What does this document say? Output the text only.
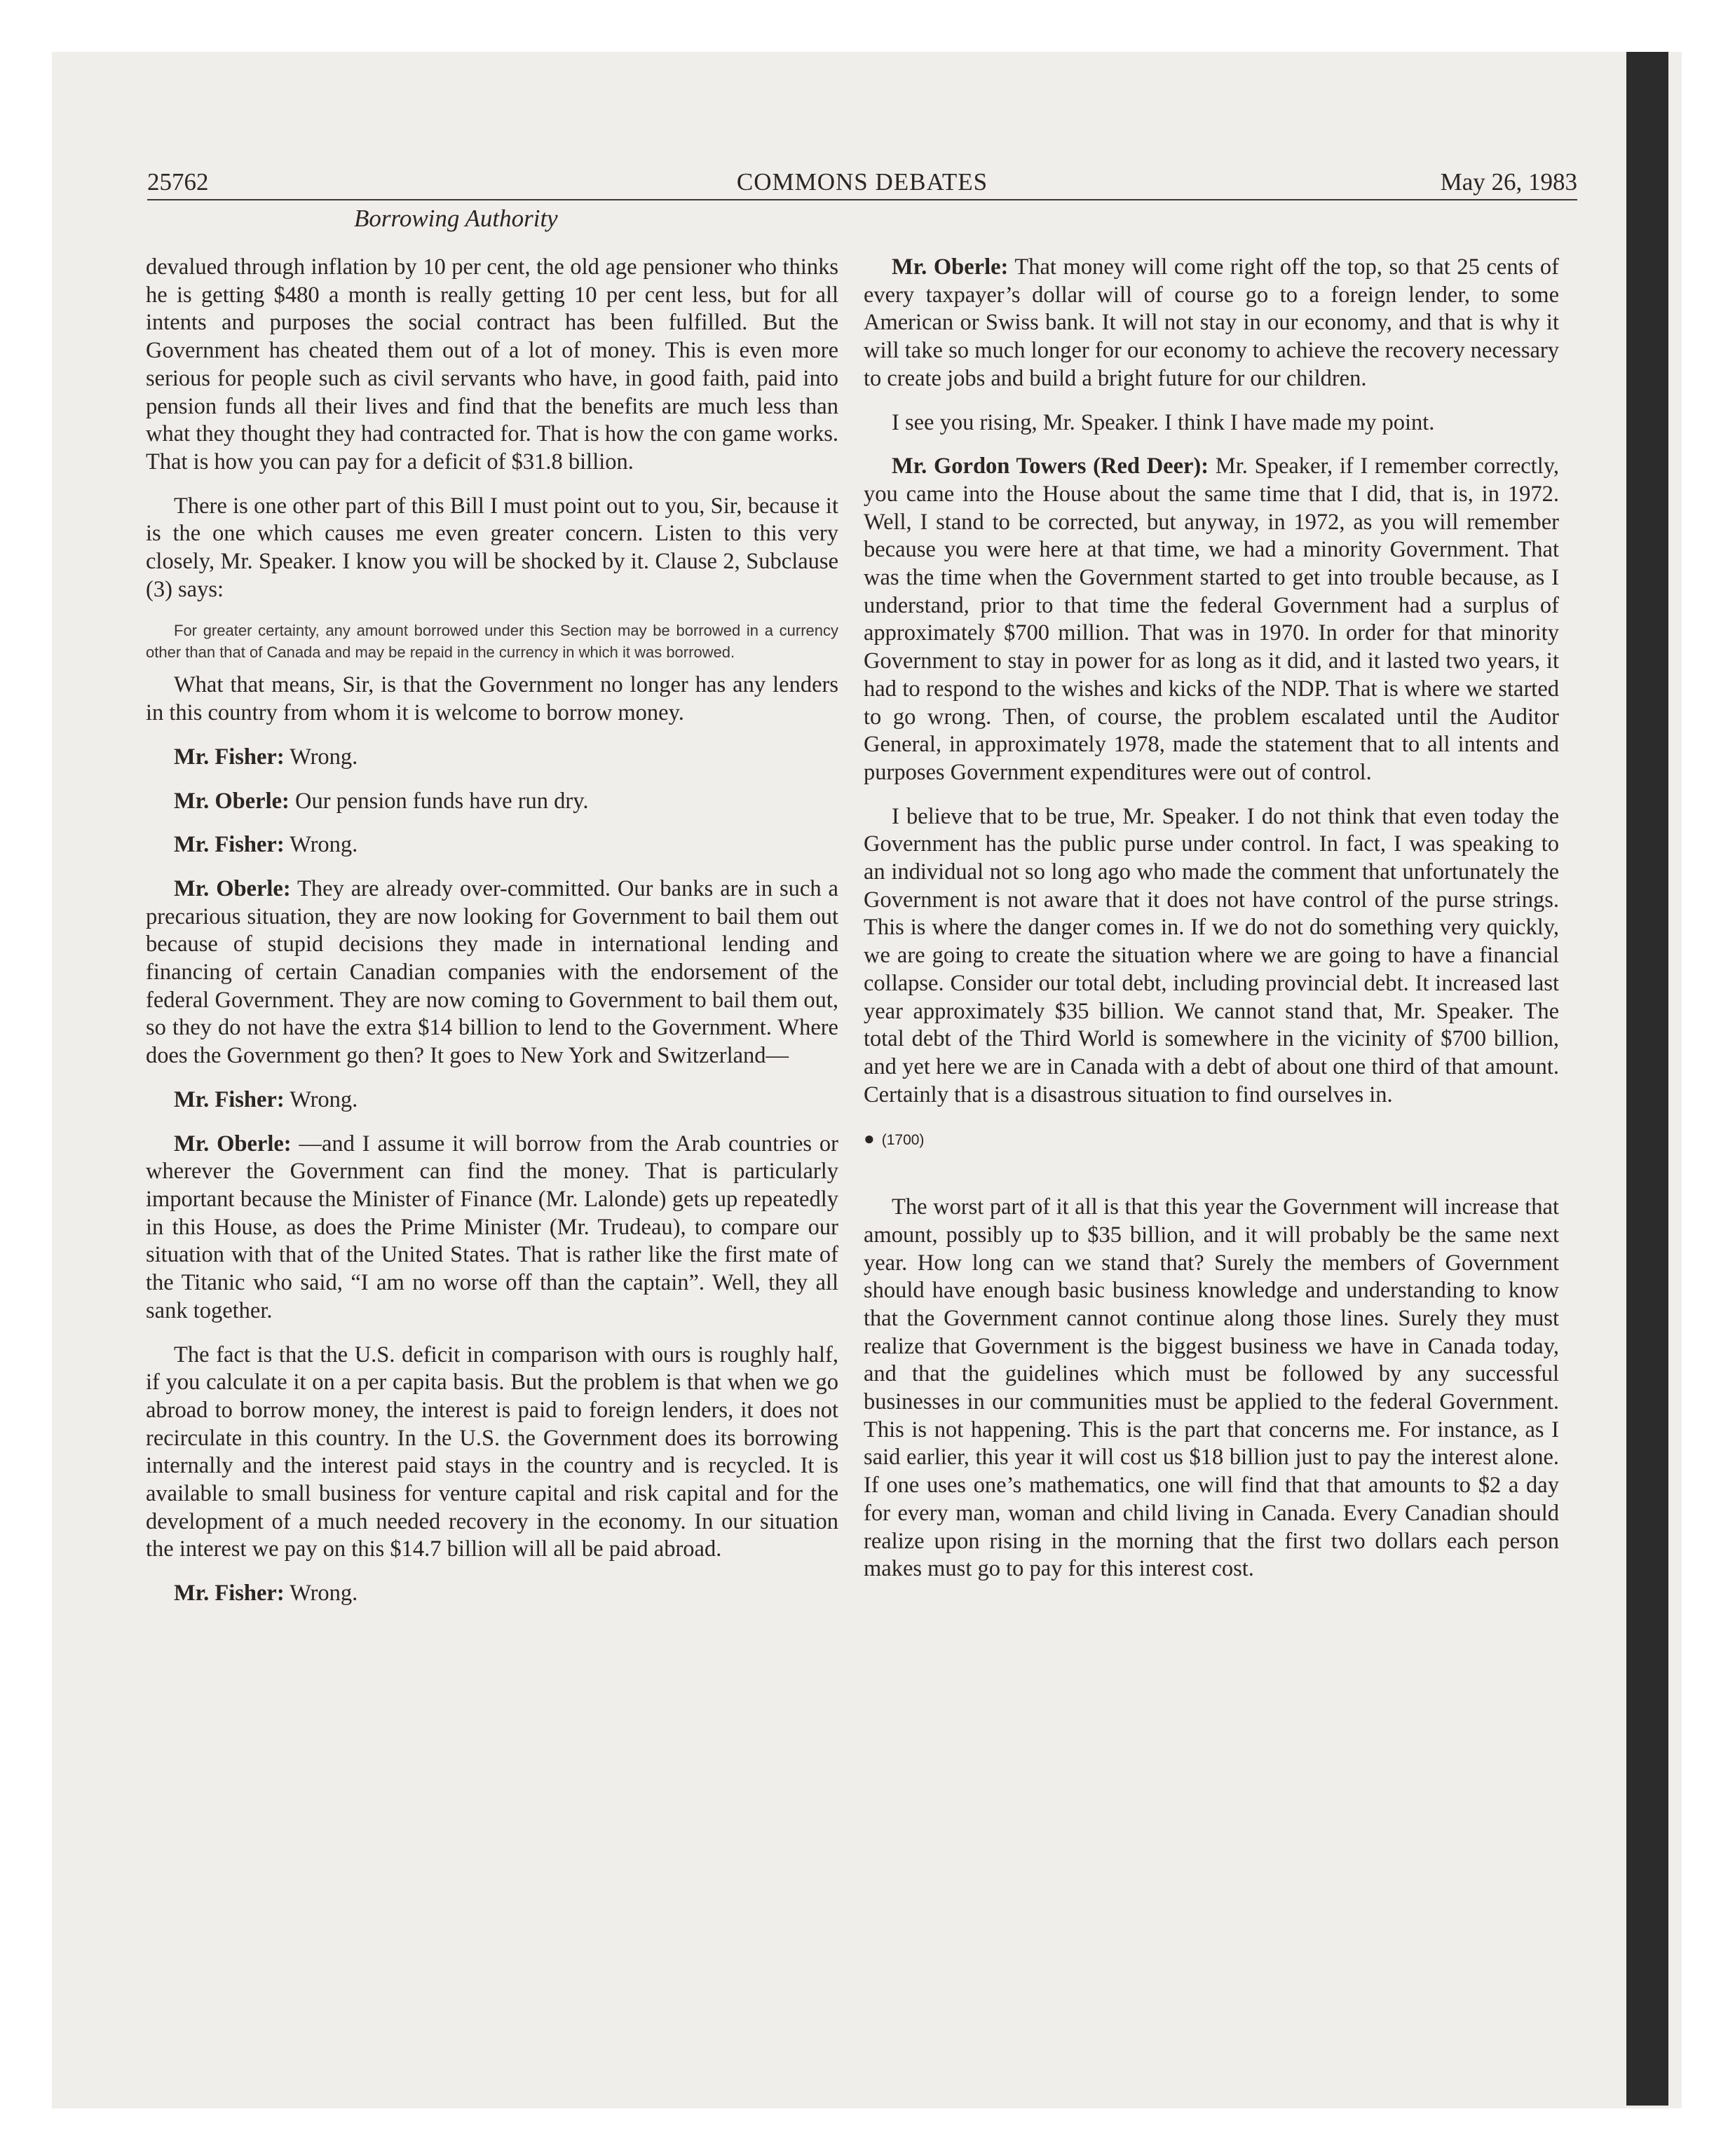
25762	COMMONS DEBATES	May 26, 1983
Borrowing Authority

devalued through inflation by 10 per cent, the old age pensioner who thinks he is getting $480 a month is really getting 10 per cent less, but for all intents and purposes the social contract has been fulfilled. But the Government has cheated them out of a lot of money. This is even more serious for people such as civil servants who have, in good faith, paid into pension funds all their lives and find that the benefits are much less than what they thought they had contracted for. That is how the con game works. That is how you can pay for a deficit of $31.8 billion.

There is one other part of this Bill I must point out to you, Sir, because it is the one which causes me even greater concern. Listen to this very closely, Mr. Speaker. I know you will be shocked by it. Clause 2, Subclause (3) says:

For greater certainty, any amount borrowed under this Section may be borrowed in a currency other than that of Canada and may be repaid in the currency in which it was borrowed.

What that means, Sir, is that the Government no longer has any lenders in this country from whom it is welcome to borrow money.

Mr. Fisher: Wrong.

Mr. Oberle: Our pension funds have run dry.

Mr. Fisher: Wrong.

Mr. Oberle: They are already over-committed. Our banks are in such a precarious situation, they are now looking for Government to bail them out because of stupid decisions they made in international lending and financing of certain Canadian companies with the endorsement of the federal Government. They are now coming to Government to bail them out, so they do not have the extra $14 billion to lend to the Government. Where does the Government go then? It goes to New York and Switzerland—

Mr. Fisher: Wrong.

Mr. Oberle: —and I assume it will borrow from the Arab countries or wherever the Government can find the money. That is particularly important because the Minister of Finance (Mr. Lalonde) gets up repeatedly in this House, as does the Prime Minister (Mr. Trudeau), to compare our situation with that of the United States. That is rather like the first mate of the Titanic who said, “I am no worse off than the captain”. Well, they all sank together.

The fact is that the U.S. deficit in comparison with ours is roughly half, if you calculate it on a per capita basis. But the problem is that when we go abroad to borrow money, the interest is paid to foreign lenders, it does not recirculate in this country. In the U.S. the Government does its borrowing internally and the interest paid stays in the country and is recycled. It is available to small business for venture capital and risk capital and for the development of a much needed recovery in the economy. In our situation the interest we pay on this $14.7 billion will all be paid abroad.

Mr. Fisher: Wrong.

Mr. Oberle: That money will come right off the top, so that 25 cents of every taxpayer’s dollar will of course go to a foreign lender, to some American or Swiss bank. It will not stay in our economy, and that is why it will take so much longer for our economy to achieve the recovery necessary to create jobs and build a bright future for our children.

I see you rising, Mr. Speaker. I think I have made my point.

Mr. Gordon Towers (Red Deer): Mr. Speaker, if I remember correctly, you came into the House about the same time that I did, that is, in 1972. Well, I stand to be corrected, but anyway, in 1972, as you will remember because you were here at that time, we had a minority Government. That was the time when the Government started to get into trouble because, as I understand, prior to that time the federal Government had a surplus of approximately $700 million. That was in 1970. In order for that minority Government to stay in power for as long as it did, and it lasted two years, it had to respond to the wishes and kicks of the NDP. That is where we started to go wrong. Then, of course, the problem escalated until the Auditor General, in approximately 1978, made the statement that to all intents and purposes Government expenditures were out of control.

I believe that to be true, Mr. Speaker. I do not think that even today the Government has the public purse under control. In fact, I was speaking to an individual not so long ago who made the comment that unfortunately the Government is not aware that it does not have control of the purse strings. This is where the danger comes in. If we do not do something very quickly, we are going to create the situation where we are going to have a financial collapse. Consider our total debt, including provincial debt. It increased last year approximately $35 billion. We cannot stand that, Mr. Speaker. The total debt of the Third World is somewhere in the vicinity of $700 billion, and yet here we are in Canada with a debt of about one third of that amount. Certainly that is a disastrous situation to find ourselves in.

● (1700)

The worst part of it all is that this year the Government will increase that amount, possibly up to $35 billion, and it will probably be the same next year. How long can we stand that? Surely the members of Government should have enough basic business knowledge and understanding to know that the Government cannot continue along those lines. Surely they must realize that Government is the biggest business we have in Canada today, and that the guidelines which must be followed by any successful businesses in our communities must be applied to the federal Government. This is not happening. This is the part that concerns me. For instance, as I said earlier, this year it will cost us $18 billion just to pay the interest alone. If one uses one’s mathematics, one will find that that amounts to $2 a day for every man, woman and child living in Canada. Every Canadian should realize upon rising in the morning that the first two dollars each person makes must go to pay for this interest cost.
